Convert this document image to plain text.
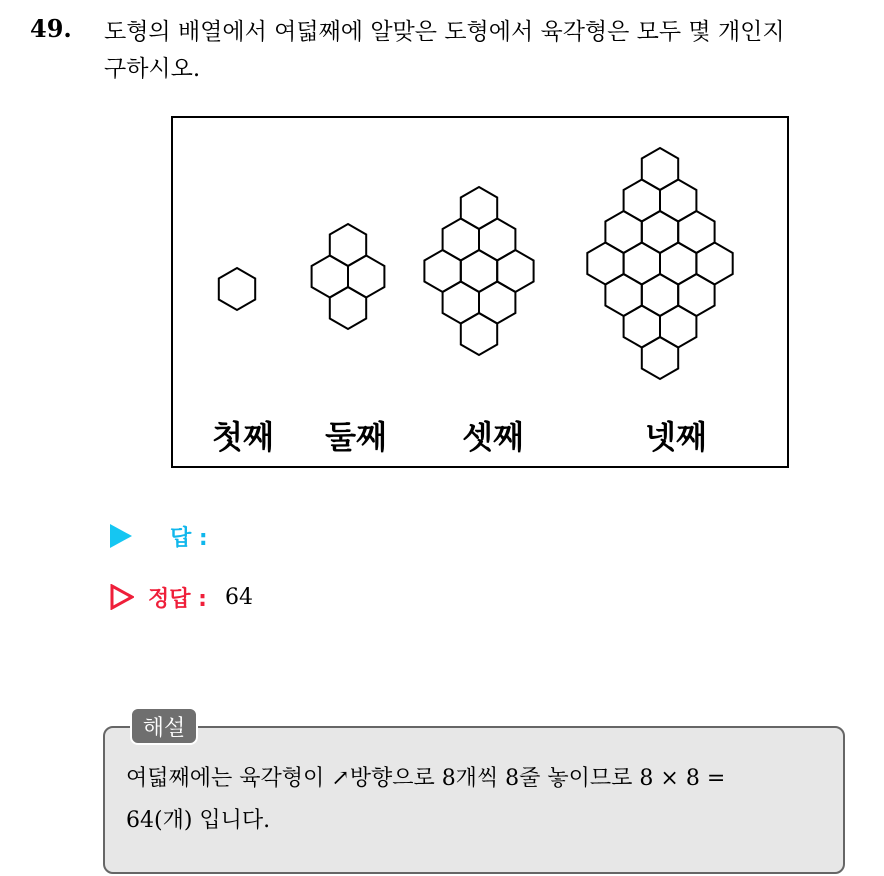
49. 도형의 배열에서 여덟째에 알맞은 도형에서 육각형은 모두 몇 개인지
구하시오.
첫째 둘째 셋째	넷째
답 :
정답 : 64
해설
여덟째에는 육각형이 ↗방향으로 8개씩 8줄 놓이므로 8 × 8 =
64(개) 입니다.
